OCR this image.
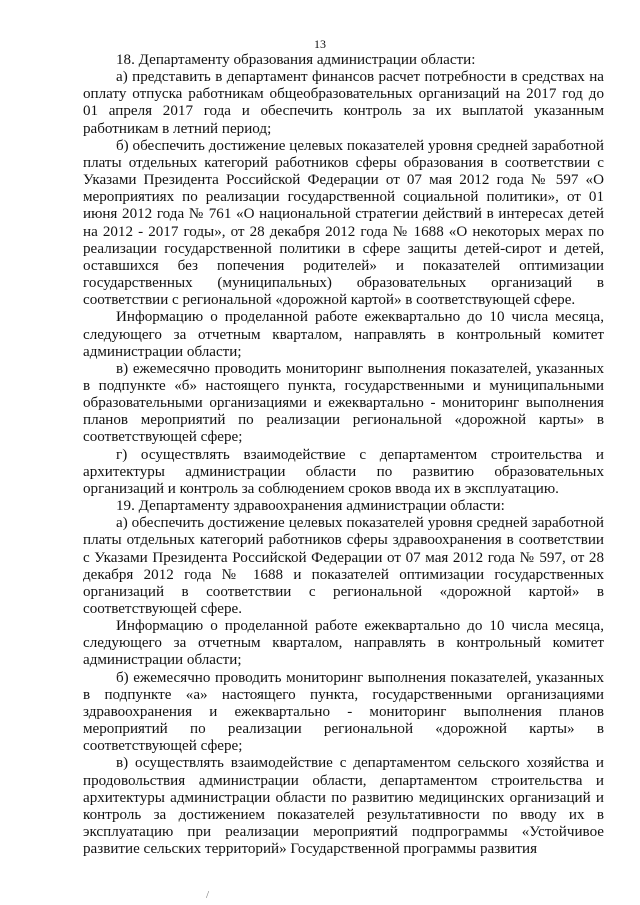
13

18. Департаменту образования администрации области:

а) представить в департамент финансов расчет потребности в средствах на оплату отпуска работникам общеобразовательных организаций на 2017 год до 01 апреля 2017 года и обеспечить контроль за их выплатой указанным работникам в летний период;

б) обеспечить достижение целевых показателей уровня средней заработной платы отдельных категорий работников сферы образования в соответствии с Указами Президента Российской Федерации от 07 мая 2012 года № 597 «О мероприятиях по реализации государственной социальной политики», от 01 июня 2012 года № 761 «О национальной стратегии действий в интересах детей на 2012 - 2017 годы», от 28 декабря 2012 года № 1688 «О некоторых мерах по реализации государственной политики в сфере защиты детей-сирот и детей, оставшихся без попечения родителей» и показателей оптимизации государственных (муниципальных) образовательных организаций в соответствии с региональной «дорожной картой» в соответствующей сфере.

Информацию о проделанной работе ежеквартально до 10 числа месяца, следующего за отчетным кварталом, направлять в контрольный комитет администрации области;

в) ежемесячно проводить мониторинг выполнения показателей, указанных в подпункте «б» настоящего пункта, государственными и муниципальными образовательными организациями и ежеквартально - мониторинг выполнения планов мероприятий по реализации региональной «дорожной карты» в соответствующей сфере;

г) осуществлять взаимодействие с департаментом строительства и архитектуры администрации области по развитию образовательных организаций и контроль за соблюдением сроков ввода их в эксплуатацию.

19. Департаменту здравоохранения администрации области:

а) обеспечить достижение целевых показателей уровня средней заработной платы отдельных категорий работников сферы здравоохранения в соответствии с Указами Президента Российской Федерации от 07 мая 2012 года № 597, от 28 декабря 2012 года № 1688 и показателей оптимизации государственных организаций в соответствии с региональной «дорожной картой» в соответствующей сфере.

Информацию о проделанной работе ежеквартально до 10 числа месяца, следующего за отчетным кварталом, направлять в контрольный комитет администрации области;

б) ежемесячно проводить мониторинг выполнения показателей, указанных в подпункте «а» настоящего пункта, государственными организациями здравоохранения и ежеквартально - мониторинг выполнения планов мероприятий по реализации региональной «дорожной карты» в соответствующей сфере;

в) осуществлять взаимодействие с департаментом сельского хозяйства и продовольствия администрации области, департаментом строительства и архитектуры администрации области по развитию медицинских организаций и контроль за достижением показателей результативности по вводу их в эксплуатацию при реализации мероприятий подпрограммы «Устойчивое развитие сельских территорий» Государственной программы развития

/
